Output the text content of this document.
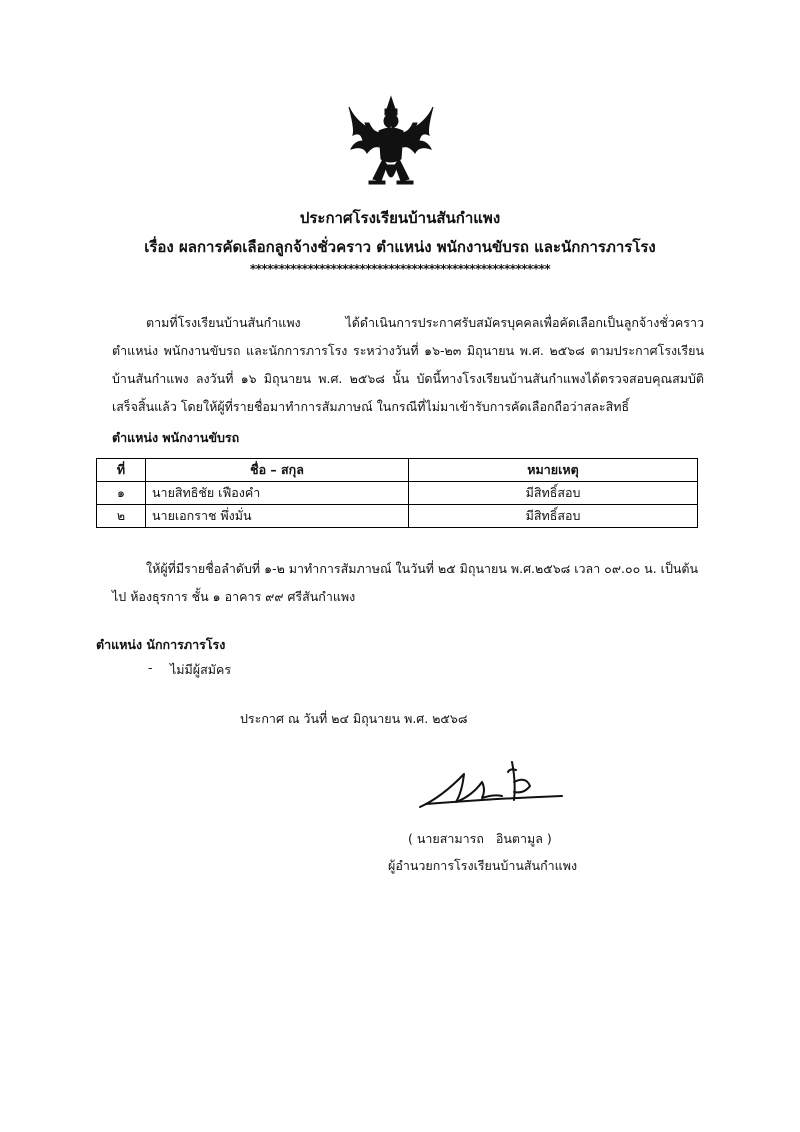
ประกาศโรงเรียนบ้านสันกำแพง
เรื่อง ผลการคัดเลือกลูกจ้างชั่วคราว ตำแหน่ง พนักงานขับรถ และนักการภารโรง
****************************************************
ตามที่โรงเรียนบ้านสันกำแพง ได้ดำเนินการประกาศรับสมัครบุคคลเพื่อคัดเลือกเป็นลูกจ้างชั่วคราว ตำแหน่ง พนักงานขับรถ และนักการภารโรง ระหว่างวันที่ ๑๖-๒๓ มิถุนายน พ.ศ. ๒๕๖๘ ตามประกาศโรงเรียนบ้านสันกำแพง ลงวันที่ ๑๖ มิถุนายน พ.ศ. ๒๕๖๘ นั้น บัดนี้ทางโรงเรียนบ้านสันกำแพงได้ตรวจสอบคุณสมบัติเสร็จสิ้นแล้ว โดยให้ผู้ที่รายชื่อมาทำการสัมภาษณ์ ในกรณีที่ไม่มาเข้ารับการคัดเลือกถือว่าสละสิทธิ์
ตำแหน่ง พนักงานขับรถ
ที่	ชื่อ – สกุล	หมายเหตุ
๑	นายสิทธิชัย เฟืองคำ	มีสิทธิ์สอบ
๒	นายเอกราช พึ่งมั่น	มีสิทธิ์สอบ
ให้ผู้ที่มีรายชื่อลำดับที่ ๑-๒ มาทำการสัมภาษณ์ ในวันที่ ๒๕ มิถุนายน พ.ศ.๒๕๖๘ เวลา ๐๙.๐๐ น. เป็นต้นไป ห้องธุรการ ชั้น ๑ อาคาร ๙๙ ศรีสันกำแพง
ตำแหน่ง นักการภารโรง
- ไม่มีผู้สมัคร
ประกาศ ณ วันที่ ๒๔ มิถุนายน พ.ศ. ๒๕๖๘
( นายสามารถ   อินตามูล )
ผู้อำนวยการโรงเรียนบ้านสันกำแพง
